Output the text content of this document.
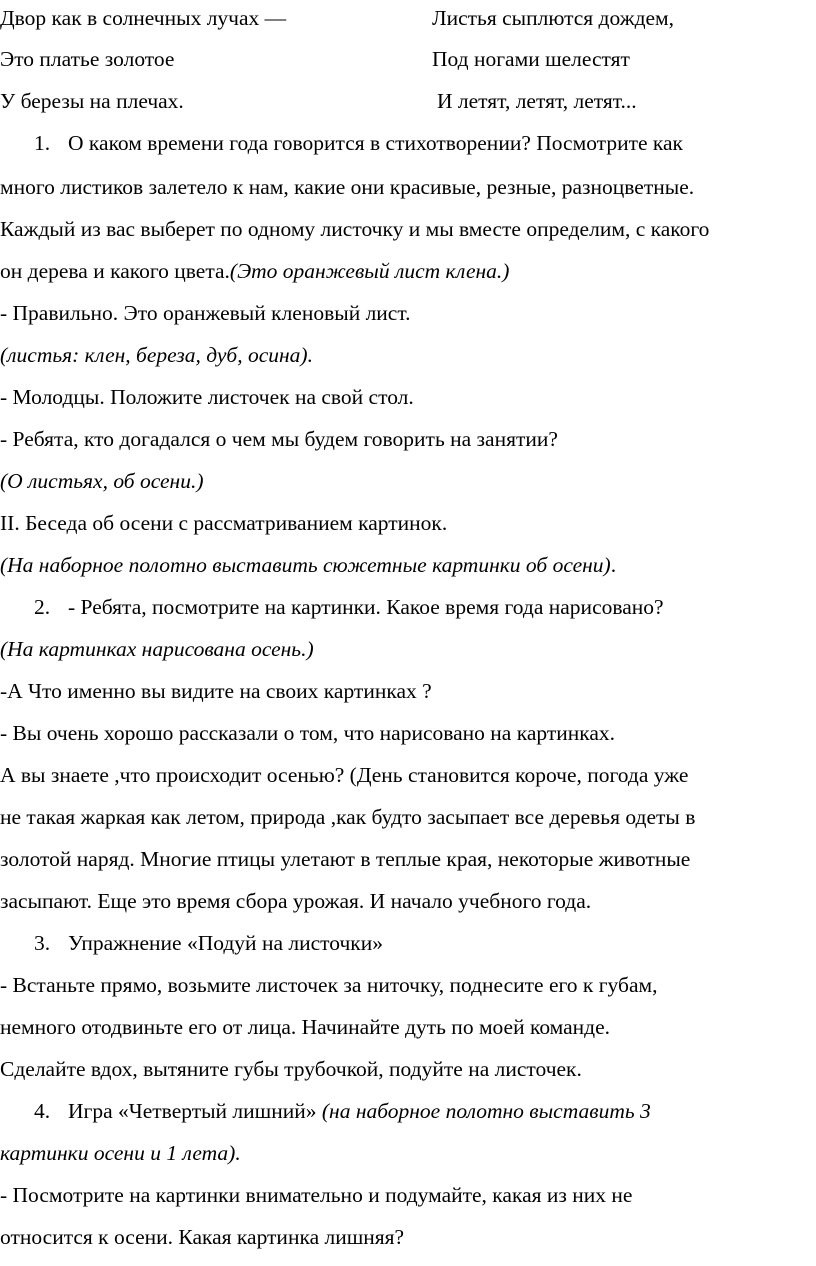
Двор как в солнечных лучах —
Это платье золотое
У березы на плечах.
Листья сыплются дождем,
Под ногами шелестят
И летят, летят, летят...
1. О каком времени года говорится в стихотворении? Посмотрите как
много листиков залетело к нам, какие они красивые, резные, разноцветные.
Каждый из вас выберет по одному листочку и мы вместе определим, с какого
он дерева и какого цвета.(Это оранжевый лист клена.)
- Правильно. Это оранжевый кленовый лист.
(листья: клен, береза, дуб, осина).
- Молодцы. Положите листочек на свой стол.
- Ребята, кто догадался о чем мы будем говорить на занятии?
(О листьях, об осени.)
II. Беседа об осени с рассматриванием картинок.
(На наборное полотно выставить сюжетные картинки об осени).
2. - Ребята, посмотрите на картинки. Какое время года нарисовано?
(На картинках нарисована осень.)
-А Что именно вы видите на своих картинках ?
- Вы очень хорошо рассказали о том, что нарисовано на картинках.
А вы знаете ,что происходит осенью? (День становится короче, погода уже
не такая жаркая как летом, природа ,как будто засыпает все деревья одеты в
золотой наряд. Многие птицы улетают в теплые края, некоторые животные
засыпают. Еще это время сбора урожая. И начало учебного года.
3. Упражнение «Подуй на листочки»
- Встаньте прямо, возьмите листочек за ниточку, поднесите его к губам,
немного отодвиньте его от лица. Начинайте дуть по моей команде.
Сделайте вдох, вытяните губы трубочкой, подуйте на листочек.
4. Игра «Четвертый лишний» (на наборное полотно выставить 3
картинки осени и 1 лета).
- Посмотрите на картинки внимательно и подумайте, какая из них не
относится к осени. Какая картинка лишняя?
